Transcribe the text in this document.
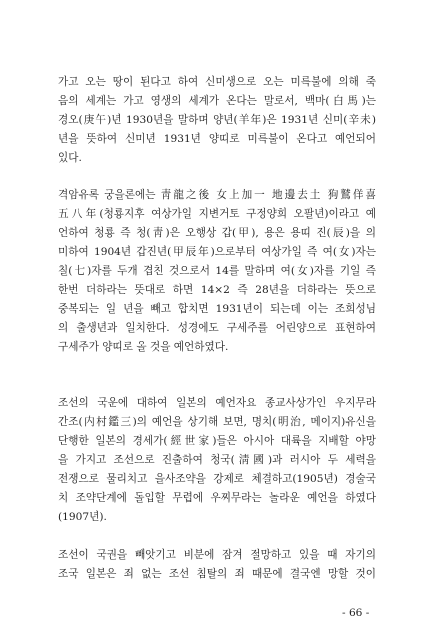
가고 오는 땅이 된다고 하여 신미생으로 오는 미륵불에 의해 죽
음의 세계는 가고 영생의 세계가 온다는 말로서, 백마(白馬)는
경오(庚午)년 1930년을 말하며 양년(羊年)은 1931년 신미(辛未)
년을 뜻하여 신미년 1931년 양띠로 미륵불이 온다고 예언되어
있다.
격암유록 궁을론에는 靑龍之後 女上加一 地邊去土 狗鷲佯喜
五八年(청룡지후 여상가일 지변거토 구정양희 오팔년)이라고 예
언하여 청룡 즉 청(靑)은 오행상 갑(甲), 용은 용띠 진(辰)을 의
미하여 1904년 갑진년(甲辰年)으로부터 여상가일 즉 여(女)자는
칠(七)자를 두개 겹친 것으로서 14를 말하며 여(女)자를 기일 즉
한번 더하라는 뜻대로 하면 14×2 즉 28년을 더하라는 뜻으로
중복되는 일 년을 빼고 합치면 1931년이 되는데 이는 조희성님
의 출생년과 일치한다. 성경에도 구세주를 어린양으로 표현하여
구세주가 양띠로 올 것을 예언하였다.
조선의 국운에 대하여 일본의 예언자요 종교사상가인 우지무라
간조(内村鑑三)의 예언을 상기해 보면, 명치(明治, 메이지)유신을
단행한 일본의 경세가(經世家)들은 아시아 대륙을 지배할 야망
을 가지고 조선으로 진출하여 청국(淸國)과 러시아 두 세력을
전쟁으로 물리치고 을사조약을 강제로 체결하고(1905년) 경술국
치 조약단계에 돌입할 무렵에 우찌무라는 놀라운 예언을 하였다
(1907년).
조선이 국권을 빼앗기고 비분에 잠겨 절망하고 있을 때 자기의
조국 일본은 죄 없는 조선 침탈의 죄 때문에 결국엔 망할 것이
- 66 -
